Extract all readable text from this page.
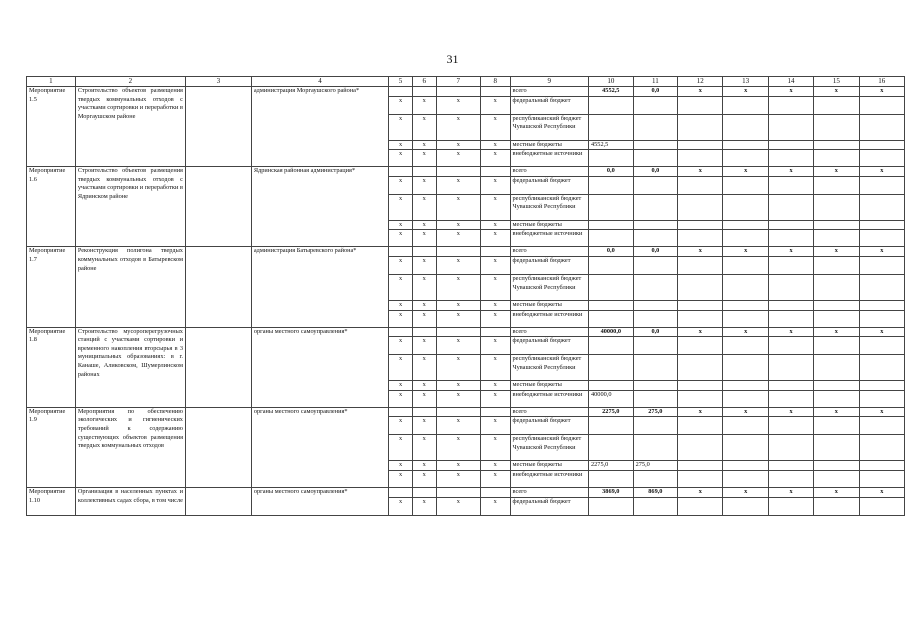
31
1	2	3	4	5	6	7	8	9	10	11	12	13	14	15	16
Мероприятие 1.5	Строительство объектов размещения твердых коммунальных отходов с участками сортировки и переработки в Моргаушском районе		администрация Моргаушского района*					всего	4552,5	0,0	x	x	x	x	x
				x	x	x	x	федеральный бюджет							
				x	x	x	x	республиканский бюджет Чувашской Республики							
				x	x	x	x	местные бюджеты	4552,5						
				x	x	x	x	внебюджетные источники							
Мероприятие 1.6	Строительство объектов размещения твердых коммунальных отходов с участками сортировки и переработки в Ядринском районе		Ядринская районная администрация*					всего	0,0	0,0	x	x	x	x	x
				x	x	x	x	федеральный бюджет							
				x	x	x	x	республиканский бюджет Чувашской Республики							
				x	x	x	x	местные бюджеты							
				x	x	x	x	внебюджетные источники							
Мероприятие 1.7	Реконструкция полигона твердых коммунальных отходов в Батыревском районе		администрация Батыревского района*					всего	0,0	0,0	x	x	x	x	x
				x	x	x	x	федеральный бюджет							
				x	x	x	x	республиканский бюджет Чувашской Республики							
				x	x	x	x	местные бюджеты							
				x	x	x	x	внебюджетные источники							
Мероприятие 1.8	Строительство мусороперегрузочных станций с участками сортировки и временного накопления вторсырья в 3 муниципальных образованиях: в г. Канаше, Аликовском, Шумерлинском районах		органы местного самоуправления*					всего	40000,0	0,0	x	x	x	x	x
				x	x	x	x	федеральный бюджет							
				x	x	x	x	республиканский бюджет Чувашской Республики							
				x	x	x	x	местные бюджеты							
				x	x	x	x	внебюджетные источники	40000,0						
Мероприятие 1.9	Мероприятия по обеспечению экологических и гигиенических требований к содержанию существующих объектов размещения твердых коммунальных отходов		органы местного самоуправления*					всего	2275,0	275,0	x	x	x	x	x
				x	x	x	x	федеральный бюджет							
				x	x	x	x	республиканский бюджет Чувашской Республики							
				x	x	x	x	местные бюджеты	2275,0	275,0					
				x	x	x	x	внебюджетные источники							
Мероприятие 1.10	Организация в населенных пунктах и коллективных садах сбора, в том числе		органы местного самоуправления*					всего	3869,0	869,0	x	x	x	x	x
				x	x	x	x	федеральный бюджет							
